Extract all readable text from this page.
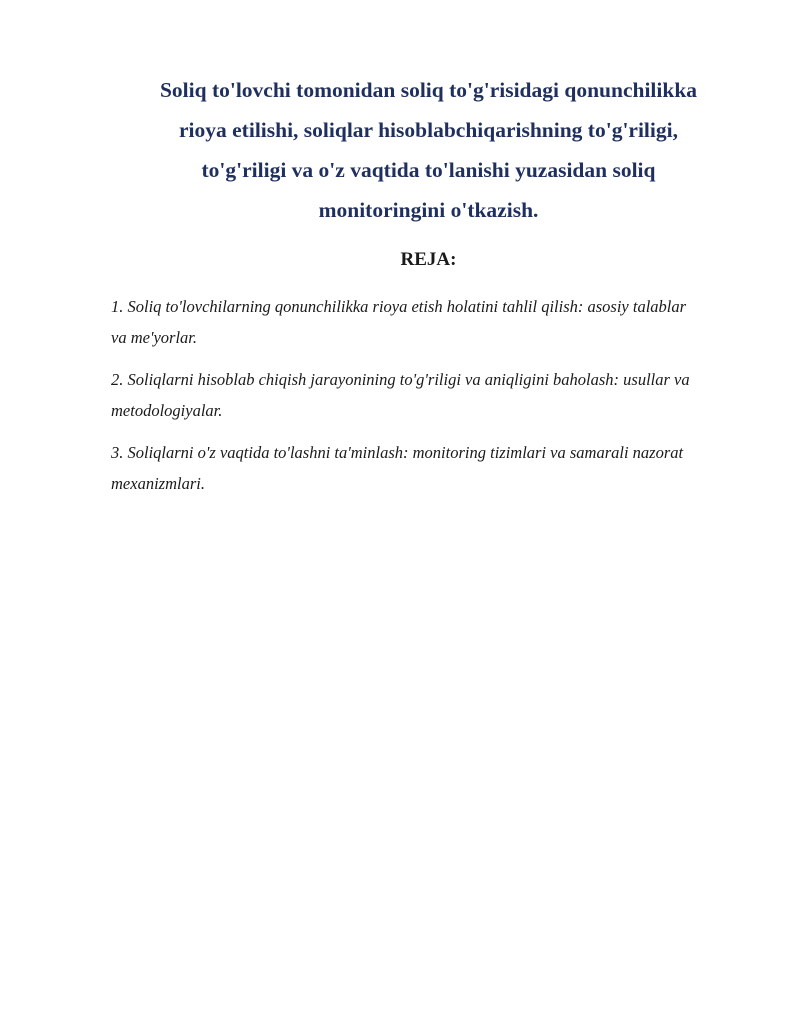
Soliq to'lovchi tomonidan soliq to'g'risidagi qonunchilikka
rioya etilishi, soliqlar hisoblabchiqarishning to'g'riligi,
to'g'riligi va o'z vaqtida to'lanishi yuzasidan soliq
monitoringini o'tkazish.
REJA:
1. Soliq to'lovchilarning qonunchilikka rioya etish holatini tahlil qilish: asosiy talablar
va me'yorlar.
2. Soliqlarni hisoblab chiqish jarayonining to'g'riligi va aniqligini baholash: usullar va
metodologiyalar.
3. Soliqlarni o'z vaqtida to'lashni ta'minlash: monitoring tizimlari va samarali nazorat
mexanizmlari.
